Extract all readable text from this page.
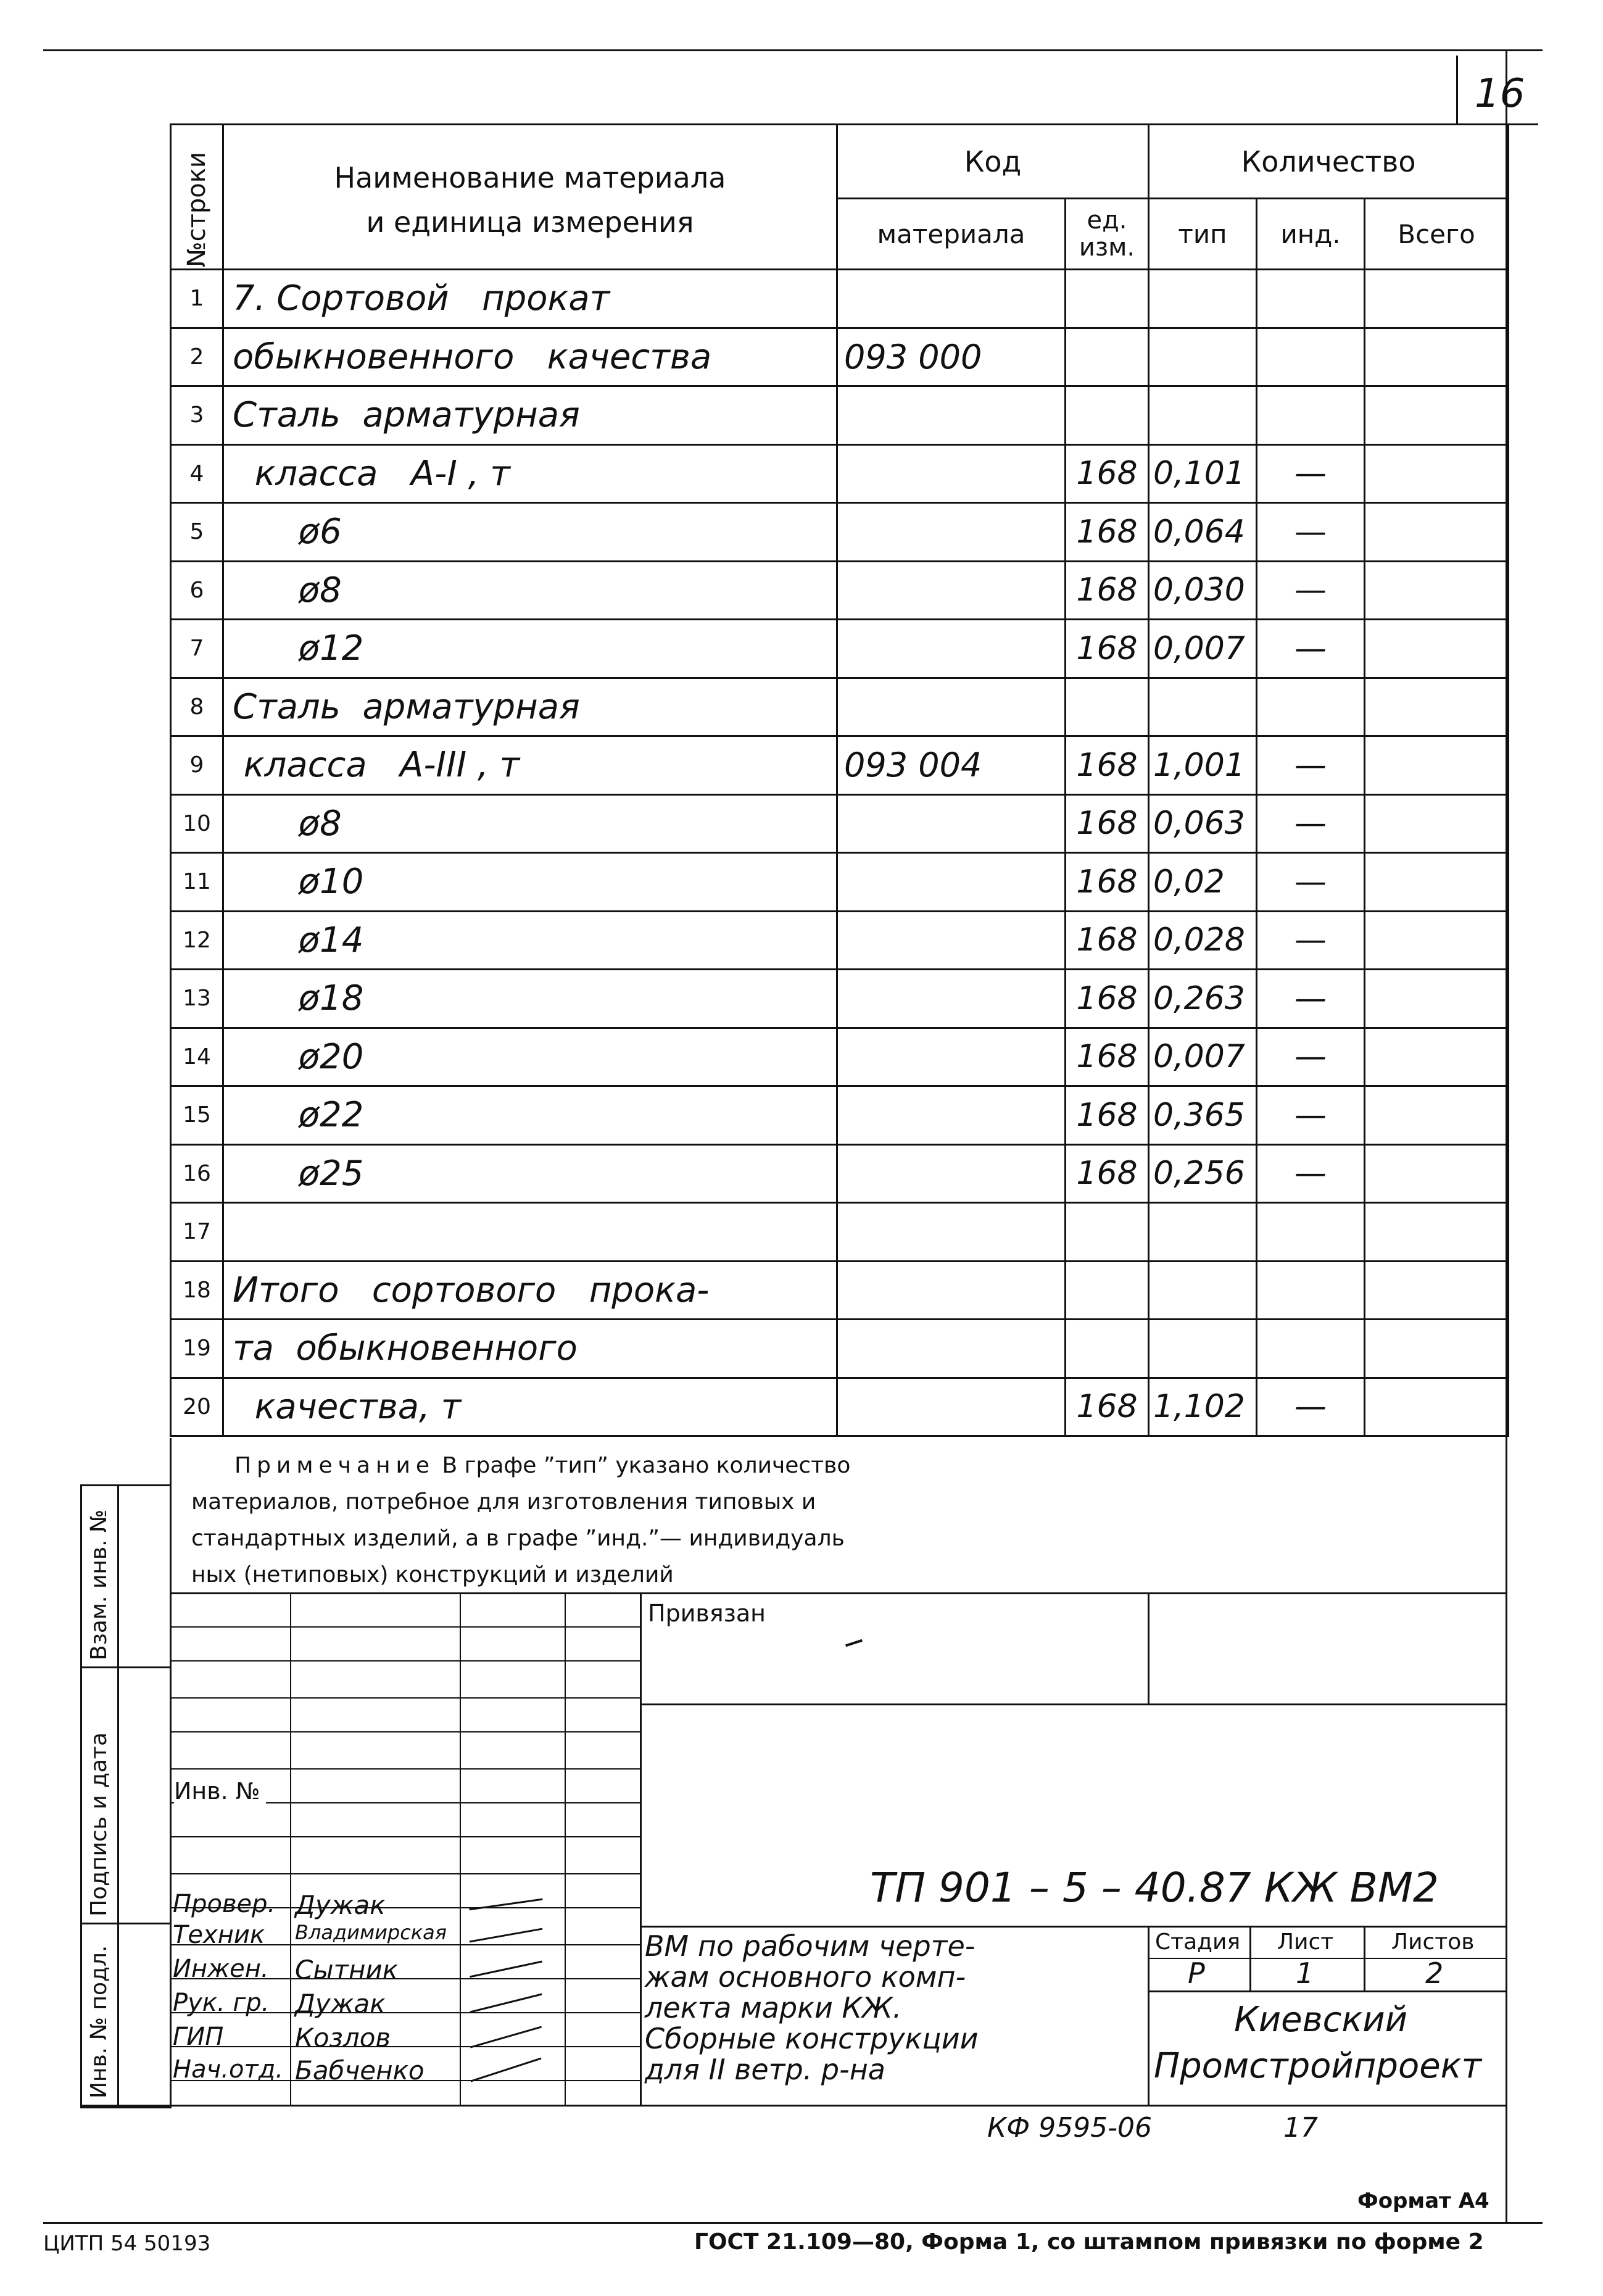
16
№строки	Наименование материала
и единица измерения	Код		Количество		
		материала	ед.
изм.	тип	инд.	Всего
1	7. Сортовой   прокат					
2	обыкновенного   качества	093 000				
3	Сталь  арматурная					
4	класса   А-I , т		168	0,101	—	
5	ø6		168	0,064	—	
6	ø8		168	0,030	—	
7	ø12		168	0,007	—	
8	Сталь  арматурная					
9	класса   А-III , т	093 004	168	1,001	—	
10	ø8		168	0,063	—	
11	ø10		168	0,02	—	
12	ø14		168	0,028	—	
13	ø18		168	0,263	—	
14	ø20		168	0,007	—	
15	ø22		168	0,365	—	
16	ø25		168	0,256	—	
17						
18	Итого   сортового   прока-					
19	та  обыкновенного					
20	качества, т		168	1,102	—	
Примечание В графе ”тип” указано количество
материалов, потребное для изготовления типовых и
стандартных изделий, а в графе ”инд.”— индивидуаль
ных (нетиповых) конструкций и изделий
Взам. инв. №
Подпись и дата
Инв. № подл.
Инв. №
Провер. Дужак
Техник Владимирская
Инжен. Сытник
Рук. гр. Дужак
ГИП	Козлов
Нач.отд. Бабченко
Привязан
ТП 901 – 5 – 40.87 КЖ ВМ2
ВМ по рабочим черте-
жам основного комп-
лекта марки КЖ.
Сборные конструкции
для II ветр. р-на
Стадия Лист	Листов
Р	1	2
Киевский
Промстройпроект
КФ 9595-06	17
Формат А4
ЦИТП 54 50193	ГОСТ 21.109—80, Форма 1, со штампом привязки по форме 2
